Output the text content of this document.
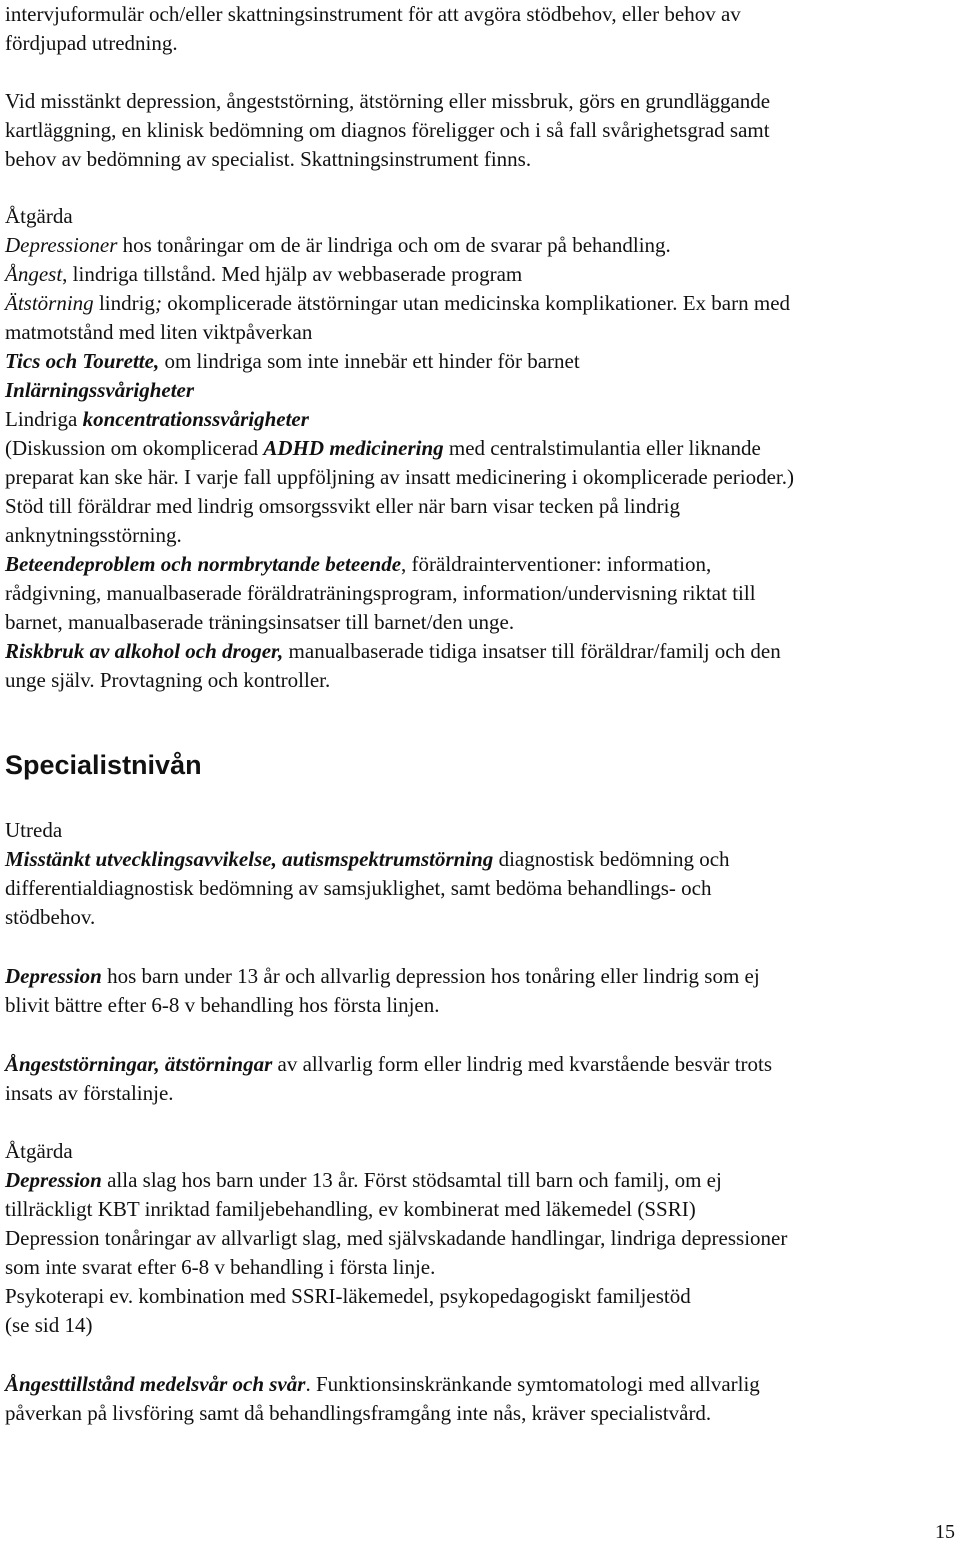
intervjuformulär och/eller skattningsinstrument för att avgöra stödbehov, eller behov av
fördjupad utredning.
Vid misstänkt depression, ångeststörning, ätstörning eller missbruk, görs en grundläggande
kartläggning, en klinisk bedömning om diagnos föreligger och i så fall svårighetsgrad samt
behov av bedömning av specialist. Skattningsinstrument finns.
Åtgärda
Depressioner hos tonåringar om de är lindriga och om de svarar på behandling.
Ångest, lindriga tillstånd. Med hjälp av webbaserade program
Ätstörning lindrig; okomplicerade ätstörningar utan medicinska komplikationer. Ex barn med
matmotstånd med liten viktpåverkan
Tics och Tourette, om lindriga som inte innebär ett hinder för barnet
Inlärningssvårigheter
Lindriga koncentrationssvårigheter
(Diskussion om okomplicerad ADHD medicinering med centralstimulantia eller liknande
preparat kan ske här. I varje fall uppföljning av insatt medicinering i okomplicerade perioder.)
Stöd till föräldrar med lindrig omsorgssvikt eller när barn visar tecken på lindrig
anknytningsstörning.
Beteendeproblem och normbrytande beteende, föräldrainterventioner: information,
rådgivning, manualbaserade föräldraträningsprogram, information/undervisning riktat till
barnet, manualbaserade träningsinsatser till barnet/den unge.
Riskbruk av alkohol och droger, manualbaserade tidiga insatser till föräldrar/familj och den
unge själv. Provtagning och kontroller.
Utreda
Misstänkt utvecklingsavvikelse, autismspektrumstörning diagnostisk bedömning och
differentialdiagnostisk bedömning av samsjuklighet, samt bedöma behandlings- och
stödbehov.
Depression hos barn under 13 år och allvarlig depression hos tonåring eller lindrig som ej
blivit bättre efter 6-8 v behandling hos första linjen.
Ångeststörningar, ätstörningar av allvarlig form eller lindrig med kvarstående besvär trots
insats av förstalinje.
Åtgärda
Depression alla slag hos barn under 13 år. Först stödsamtal till barn och familj, om ej
tillräckligt KBT inriktad familjebehandling, ev kombinerat med läkemedel (SSRI)
Depression tonåringar av allvarligt slag, med självskadande handlingar, lindriga depressioner
som inte svarat efter 6-8 v behandling i första linje.
Psykoterapi ev. kombination med SSRI-läkemedel, psykopedagogiskt familjestöd
(se sid 14)
Ångesttillstånd medelsvår och svår. Funktionsinskränkande symtomatologi med allvarlig
påverkan på livsföring samt då behandlingsframgång inte nås, kräver specialistvård.
Specialistnivån
15
